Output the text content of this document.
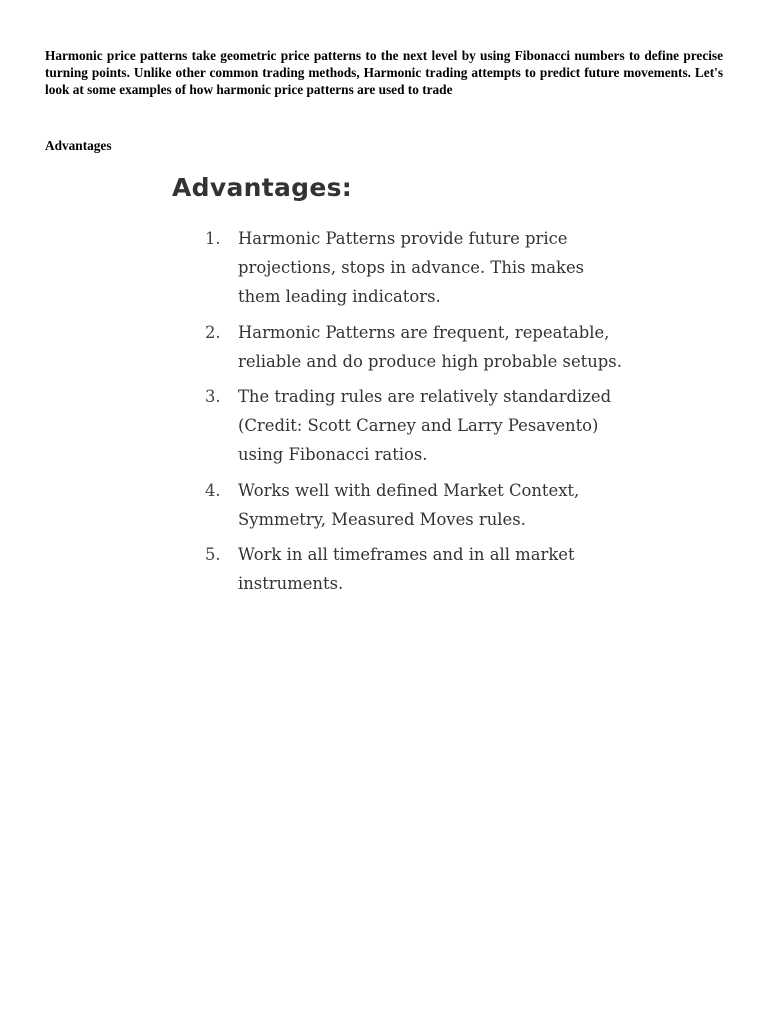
Harmonic price patterns take geometric price patterns to the next level by using Fibonacci numbers to define precise turning points. Unlike other common trading methods, Harmonic trading attempts to predict future movements. Let's look at some examples of how harmonic price patterns are used to trade

Advantages

Advantages:
1. Harmonic Patterns provide future price projections, stops in advance. This makes them leading indicators.
2. Harmonic Patterns are frequent, repeatable, reliable and do produce high probable setups.
3. The trading rules are relatively standardized (Credit: Scott Carney and Larry Pesavento) using Fibonacci ratios.
4. Works well with defined Market Context, Symmetry, Measured Moves rules.
5. Work in all timeframes and in all market instruments.
